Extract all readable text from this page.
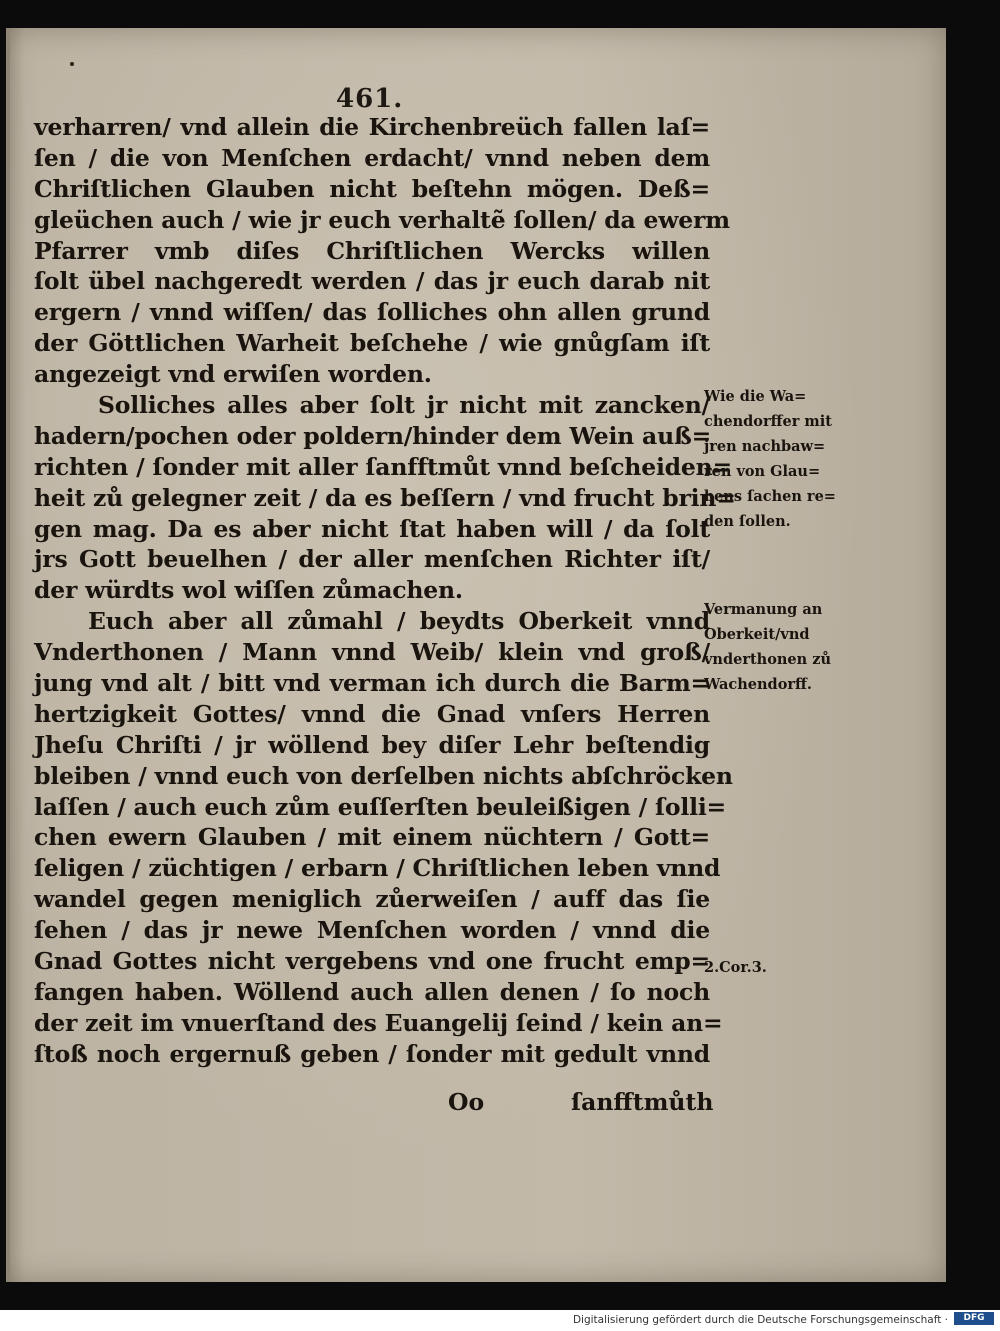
461.
verharren/ vnd allein die Kirchenbreüch fallen laſ=
ſen / die von Menſchen erdacht/ vnnd neben dem
Chriſtlichen Glauben nicht beſtehn mögen. Deß=
gleüchen auch / wie jr euch verhaltẽ ſollen/ da ewerm
Pfarrer vmb diſes Chriſtlichen Wercks willen
ſolt übel nachgeredt werden / das jr euch darab nit
ergern / vnnd wiſſen/ das ſolliches ohn allen grund
der Göttlichen Warheit beſchehe / wie gnůgſam iſt
angezeigt vnd erwiſen worden.
Solliches alles aber ſolt jr nicht mit zancken/
hadern/pochen oder poldern/hinder dem Wein auß=
richten / ſonder mit aller ſanfftmůt vnnd beſcheiden=
heit zů gelegner zeit / da es beſſern / vnd frucht brin=
gen mag. Da es aber nicht ſtat haben will / da ſolt
jrs Gott beuelhen / der aller menſchen Richter iſt/
der würdts wol wiſſen zůmachen.
Euch aber all zůmahl / beydts Oberkeit vnnd
Vnderthonen / Mann vnnd Weib/ klein vnd groß/
jung vnd alt / bitt vnd verman ich durch die Barm=
hertzigkeit Gottes/ vnnd die Gnad vnſers Herren
Jheſu Chriſti / jr wöllend bey diſer Lehr beſtendig
bleiben / vnnd euch von derſelben nichts abſchröcken
laſſen / auch euch zům euſſerſten beuleißigen / ſolli=
chen ewern Glauben / mit einem nüchtern / Gott=
ſeligen / züchtigen / erbarn / Chriſtlichen leben vnnd
wandel gegen meniglich zůerweiſen / auff das ſie
ſehen / das jr newe Menſchen worden / vnnd die
Gnad Gottes nicht vergebens vnd one frucht emp=
fangen haben. Wöllend auch allen denen / ſo noch
der zeit im vnuerſtand des Euangelij ſeind / kein an=
ſtoß noch ergernuß geben / ſonder mit gedult vnnd
Wie die Wa=
chendorffer mit
jren nachbaw=
ren von Glau=
bens ſachen re=
den ſollen.
Vermanung an
Oberkeit/vnd
vnderthonen zů
Wachendorff.
2.Cor.3.
Oo	ſanfftmůth
Digitalisierung gefördert durch die Deutsche Forschungsgemeinschaft ·	DFG
